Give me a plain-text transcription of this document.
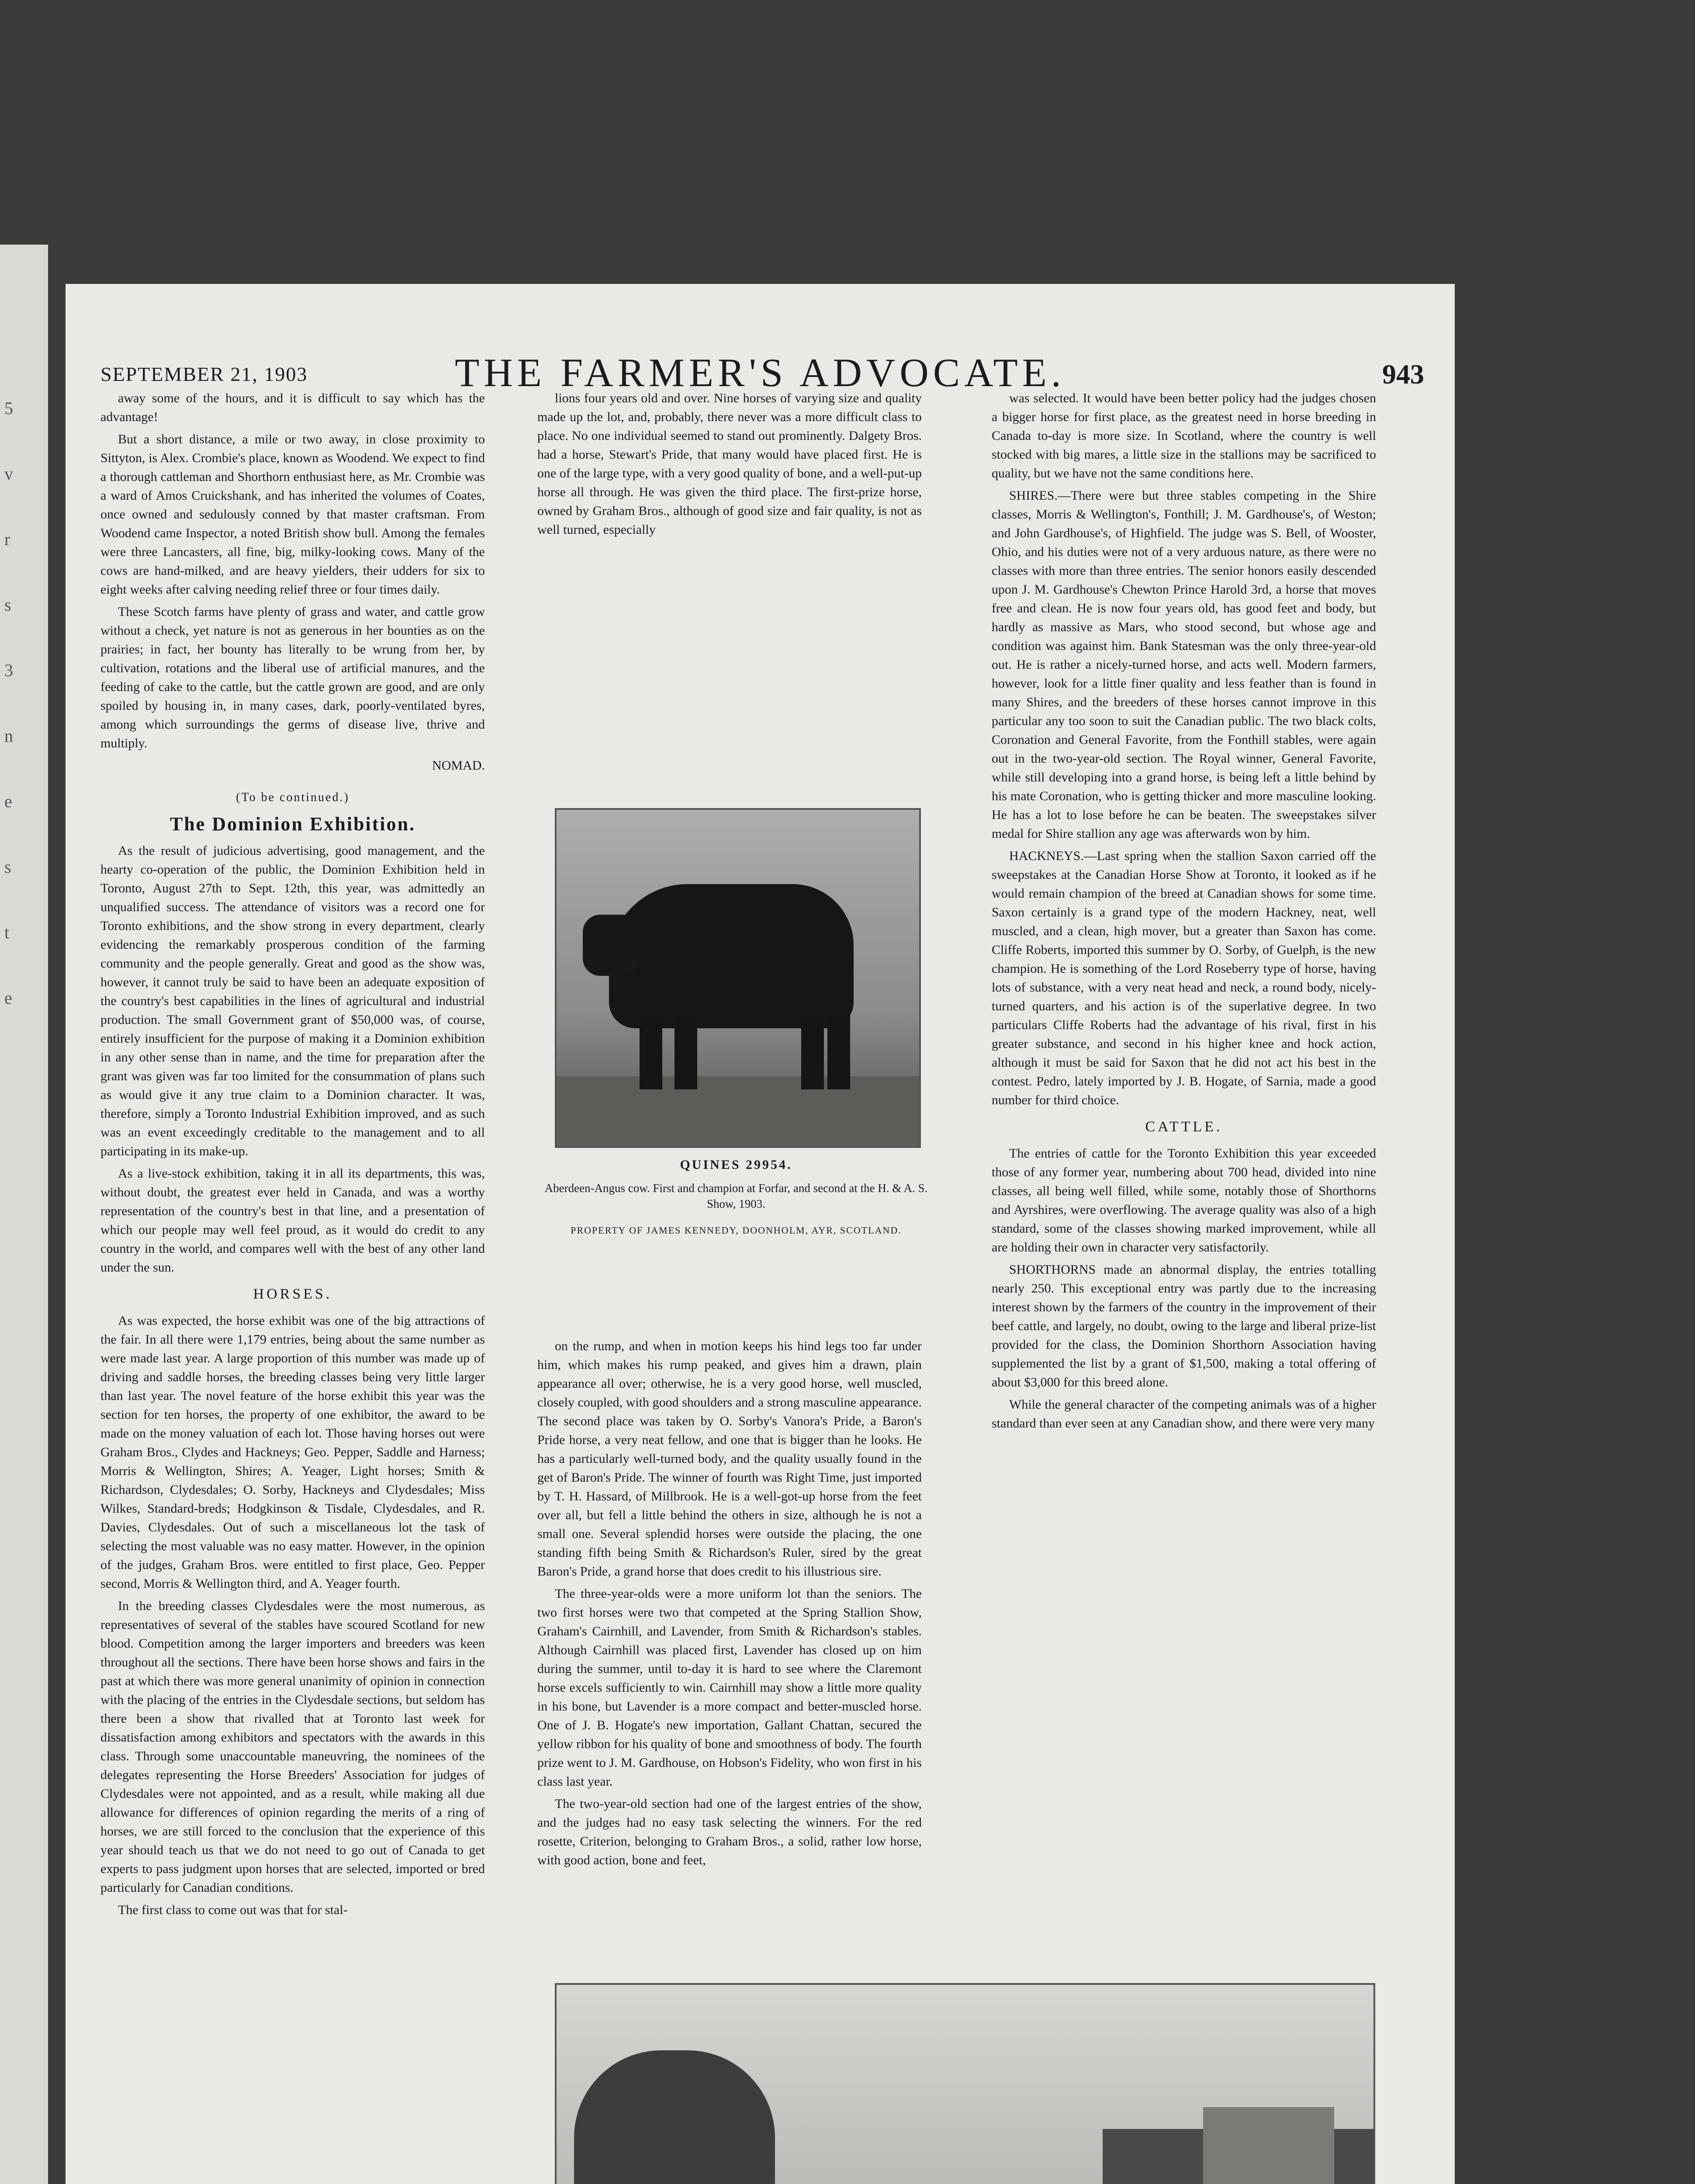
5
v
r
s
3
n
e
s
t
e
SEPTEMBER 21, 1903	THE FARMER'S ADVOCATE.	943

away some of the hours, and it is difficult to say which has the advantage!

But a short distance, a mile or two away, in close proximity to Sittyton, is Alex. Crombie's place, known as Woodend. We expect to find a thorough cattleman and Shorthorn enthusiast here, as Mr. Crombie was a ward of Amos Cruickshank, and has inherited the volumes of Coates, once owned and sedulously conned by that master craftsman. From Woodend came Inspector, a noted British show bull. Among the females were three Lancasters, all fine, big, milky-looking cows. Many of the cows are hand-milked, and are heavy yielders, their udders for six to eight weeks after calving needing relief three or four times daily.

These Scotch farms have plenty of grass and water, and cattle grow without a check, yet nature is not as generous in her bounties as on the prairies; in fact, her bounty has literally to be wrung from her, by cultivation, rotations and the liberal use of artificial manures, and the feeding of cake to the cattle, but the cattle grown are good, and are only spoiled by housing in, in many cases, dark, poorly-ventilated byres, among which surroundings the germs of disease live, thrive and multiply.

NOMAD.
(To be continued.)
The Dominion Exhibition.

As the result of judicious advertising, good management, and the hearty co-operation of the public, the Dominion Exhibition held in Toronto, August 27th to Sept. 12th, this year, was admittedly an unqualified success. The attendance of visitors was a record one for Toronto exhibitions, and the show strong in every department, clearly evidencing the remarkably prosperous condition of the farming community and the people generally. Great and good as the show was, however, it cannot truly be said to have been an adequate exposition of the country's best capabilities in the lines of agricultural and industrial production. The small Government grant of $50,000 was, of course, entirely insufficient for the purpose of making it a Dominion exhibition in any other sense than in name, and the time for preparation after the grant was given was far too limited for the consummation of plans such as would give it any true claim to a Dominion character. It was, therefore, simply a Toronto Industrial Exhibition improved, and as such was an event exceedingly creditable to the management and to all participating in its make-up.

As a live-stock exhibition, taking it in all its departments, this was, without doubt, the greatest ever held in Canada, and was a worthy representation of the country's best in that line, and a presentation of which our people may well feel proud, as it would do credit to any country in the world, and compares well with the best of any other land under the sun.

HORSES.

As was expected, the horse exhibit was one of the big attractions of the fair. In all there were 1,179 entries, being about the same number as were made last year. A large proportion of this number was made up of driving and saddle horses, the breeding classes being very little larger than last year. The novel feature of the horse exhibit this year was the section for ten horses, the property of one exhibitor, the award to be made on the money valuation of each lot. Those having horses out were Graham Bros., Clydes and Hackneys; Geo. Pepper, Saddle and Harness; Morris & Wellington, Shires; A. Yeager, Light horses; Smith & Richardson, Clydesdales; O. Sorby, Hackneys and Clydesdales; Miss Wilkes, Standard-breds; Hodgkinson & Tisdale, Clydesdales, and R. Davies, Clydesdales. Out of such a miscellaneous lot the task of selecting the most valuable was no easy matter. However, in the opinion of the judges, Graham Bros. were entitled to first place, Geo. Pepper second, Morris & Wellington third, and A. Yeager fourth.

In the breeding classes Clydesdales were the most numerous, as representatives of several of the stables have scoured Scotland for new blood. Competition among the larger importers and breeders was keen throughout all the sections. There have been horse shows and fairs in the past at which there was more general unanimity of opinion in connection with the placing of the entries in the Clydesdale sections, but seldom has there been a show that rivalled that at Toronto last week for dissatisfaction among exhibitors and spectators with the awards in this class. Through some unaccountable maneuvring, the nominees of the delegates representing the Horse Breeders' Association for judges of Clydesdales were not appointed, and as a result, while making all due allowance for differences of opinion regarding the merits of a ring of horses, we are still forced to the conclusion that the experience of this year should teach us that we do not need to go out of Canada to get experts to pass judgment upon horses that are selected, imported or bred particularly for Canadian conditions.

The first class to come out was that for stal-

lions four years old and over. Nine horses of varying size and quality made up the lot, and, probably, there never was a more difficult class to place. No one individual seemed to stand out prominently. Dalgety Bros. had a horse, Stewart's Pride, that many would have placed first. He is one of the large type, with a very good quality of bone, and a well-put-up horse all through. He was given the third place. The first-prize horse, owned by Graham Bros., although of good size and fair quality, is not as well turned, especially

QUINES 29954.
Aberdeen-Angus cow. First and champion at Forfar, and second at the H. & A. S. Show, 1903.
PROPERTY OF JAMES KENNEDY, DOONHOLM, AYR, SCOTLAND.

on the rump, and when in motion keeps his hind legs too far under him, which makes his rump peaked, and gives him a drawn, plain appearance all over; otherwise, he is a very good horse, well muscled, closely coupled, with good shoulders and a strong masculine appearance. The second place was taken by O. Sorby's Vanora's Pride, a Baron's Pride horse, a very neat fellow, and one that is bigger than he looks. He has a particularly well-turned body, and the quality usually found in the get of Baron's Pride. The winner of fourth was Right Time, just imported by T. H. Hassard, of Millbrook. He is a well-got-up horse from the feet over all, but fell a little behind the others in size, although he is not a small one. Several splendid horses were outside the placing, the one standing fifth being Smith & Richardson's Ruler, sired by the great Baron's Pride, a grand horse that does credit to his illustrious sire.

The three-year-olds were a more uniform lot than the seniors. The two first horses were two that competed at the Spring Stallion Show, Graham's Cairnhill, and Lavender, from Smith & Richardson's stables. Although Cairnhill was placed first, Lavender has closed up on him during the summer, until to-day it is hard to see where the Claremont horse excels sufficiently to win. Cairnhill may show a little more quality in his bone, but Lavender is a more compact and better-muscled horse. One of J. B. Hogate's new importation, Gallant Chattan, secured the yellow ribbon for his quality of bone and smoothness of body. The fourth prize went to J. M. Gardhouse, on Hobson's Fidelity, who won first in his class last year.

The two-year-old section had one of the largest entries of the show, and the judges had no easy task selecting the winners. For the red rosette, Criterion, belonging to Graham Bros., a solid, rather low horse, with good action, bone and feet,

was selected. It would have been better policy had the judges chosen a bigger horse for first place, as the greatest need in horse breeding in Canada to-day is more size. In Scotland, where the country is well stocked with big mares, a little size in the stallions may be sacrificed to quality, but we have not the same conditions here.

SHIRES.—There were but three stables competing in the Shire classes, Morris & Wellington's, Fonthill; J. M. Gardhouse's, of Weston; and John Gardhouse's, of Highfield. The judge was S. Bell, of Wooster, Ohio, and his duties were not of a very arduous nature, as there were no classes with more than three entries. The senior honors easily descended upon J. M. Gardhouse's Chewton Prince Harold 3rd, a horse that moves free and clean. He is now four years old, has good feet and body, but hardly as massive as Mars, who stood second, but whose age and condition was against him. Bank Statesman was the only three-year-old out. He is rather a nicely-turned horse, and acts well. Modern farmers, however, look for a little finer quality and less feather than is found in many Shires, and the breeders of these horses cannot improve in this particular any too soon to suit the Canadian public. The two black colts, Coronation and General Favorite, from the Fonthill stables, were again out in the two-year-old section. The Royal winner, General Favorite, while still developing into a grand horse, is being left a little behind by his mate Coronation, who is getting thicker and more masculine looking. He has a lot to lose before he can be beaten. The sweepstakes silver medal for Shire stallion any age was afterwards won by him.

HACKNEYS.—Last spring when the stallion Saxon carried off the sweepstakes at the Canadian Horse Show at Toronto, it looked as if he would remain champion of the breed at Canadian shows for some time. Saxon certainly is a grand type of the modern Hackney, neat, well muscled, and a clean, high mover, but a greater than Saxon has come. Cliffe Roberts, imported this summer by O. Sorby, of Guelph, is the new champion. He is something of the Lord Roseberry type of horse, having lots of substance, with a very neat head and neck, a round body, nicely-turned quarters, and his action is of the superlative degree. In two particulars Cliffe Roberts had the advantage of his rival, first in his greater substance, and second in his higher knee and hock action, although it must be said for Saxon that he did not act his best in the contest. Pedro, lately imported by J. B. Hogate, of Sarnia, made a good number for third choice.

CATTLE.

The entries of cattle for the Toronto Exhibition this year exceeded those of any former year, numbering about 700 head, divided into nine classes, all being well filled, while some, notably those of Shorthorns and Ayrshires, were overflowing. The average quality was also of a high standard, some of the classes showing marked improvement, while all are holding their own in character very satisfactorily.

SHORTHORNS made an abnormal display, the entries totalling nearly 250. This exceptional entry was partly due to the increasing interest shown by the farmers of the country in the improvement of their beef cattle, and largely, no doubt, owing to the large and liberal prize-list provided for the class, the Dominion Shorthorn Association having supplemented the list by a grant of $1,500, making a total offering of about $3,000 for this breed alone.

While the general character of the competing animals was of a higher standard than ever seen at any Canadian show, and there were very many
